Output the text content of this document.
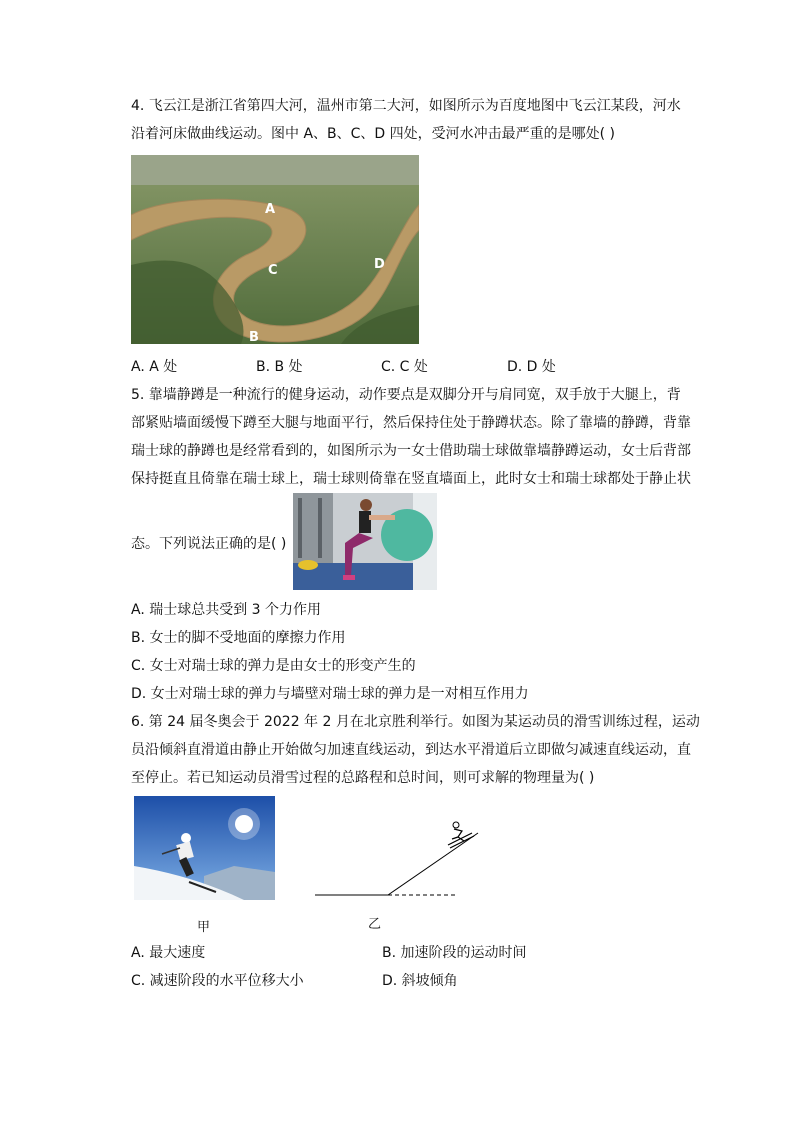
4. 飞云江是浙江省第四大河，温州市第二大河，如图所示为百度地图中飞云江某段，河水
沿着河床做曲线运动。图中 A、B、C、D 四处，受河水冲击最严重的是哪处( )
A
B
C	D
A. A 处	B. B 处	C. C 处	D. D 处
5. 靠墙静蹲是一种流行的健身运动，动作要点是双脚分开与肩同宽，双手放于大腿上，背
部紧贴墙面缓慢下蹲至大腿与地面平行，然后保持住处于静蹲状态。除了靠墙的静蹲，背靠
瑞士球的静蹲也是经常看到的，如图所示为一女士借助瑞士球做靠墙静蹲运动，女士后背部
保持挺直且倚靠在瑞士球上，瑞士球则倚靠在竖直墙面上，此时女士和瑞士球都处于静止状
态。下列说法正确的是( )
A. 瑞士球总共受到 3 个力作用
B. 女士的脚不受地面的摩擦力作用
C. 女士对瑞士球的弹力是由女士的形变产生的
D. 女士对瑞士球的弹力与墙壁对瑞士球的弹力是一对相互作用力
6. 第 24 届冬奥会于 2022 年 2 月在北京胜利举行。如图为某运动员的滑雪训练过程，运动
员沿倾斜直滑道由静止开始做匀加速直线运动，到达水平滑道后立即做匀减速直线运动，直
至停止。若已知运动员滑雪过程的总路程和总时间，则可求解的物理量为( )
甲	乙
A. 最大速度	B. 加速阶段的运动时间
C. 减速阶段的水平位移大小	D. 斜坡倾角
